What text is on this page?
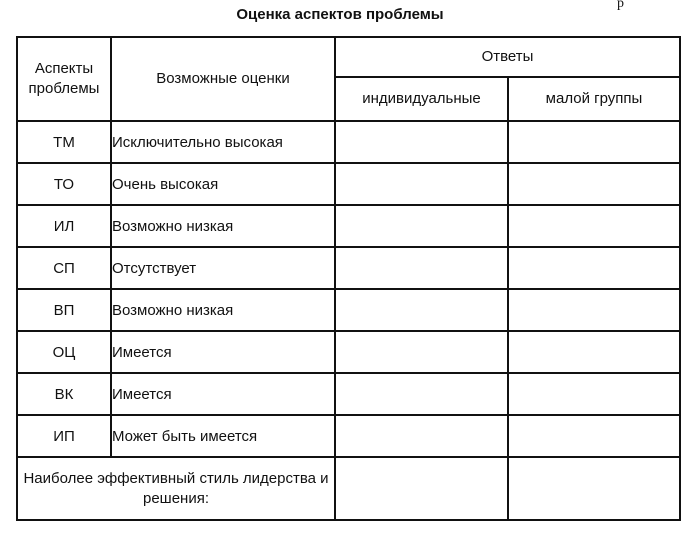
Оценка аспектов проблемы
р
Аспекты проблемы	Возможные оценки	Ответы	
		индивидуальные	малой группы
ТМ	Исключительно высокая		
ТО	Очень высокая		
ИЛ	Возможно низкая		
СП	Отсутствует		
ВП	Возможно низкая		
ОЦ	Имеется		
ВК	Имеется		
ИП	Может быть имеется		
Наиболее эффективный стиль лидерства и решения:			
